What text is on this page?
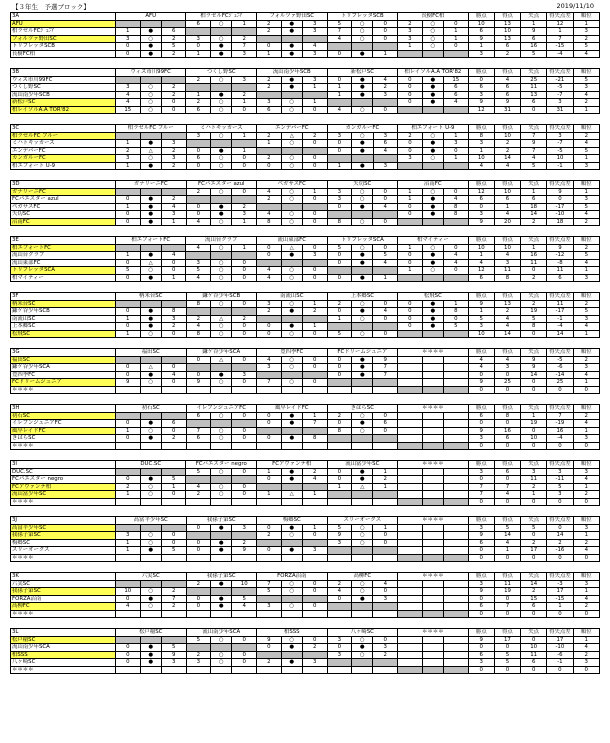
【３年生　予選ブロック】	2019/11/10
3A	AFU			柏ラゼルFCｼﾞｭﾆｱ			フォルツァ野田SC			トリプレッタSCB			長樹FC柏			勝点	得点	失点	得失点差	順位
AFU				6	○	1	2	●	3	5	○	0	2	○	0	10	13	1	12	1
柏ラゼルFCｼﾞｭﾆｱ	1	●	6				2	●	3	7	○	0	3	○	1	6	10	9	1	3
フォルツァ野田SC	3	○	2	3	○	2				4	○	0	3	○	1	9	13	6	7	2
トリプレッタSCB	0	●	5	0	●	7	0	●	4				1	○	0	1	6	16	-15	5
長樹FC柏	0	●	2	1	●	3	1	●	3	0	●	1				3	2	5	-4	4
3B	ウィズ市川99FC			つくし野SC			流山南少年SCB			新松戸SC			柏レイソルA.A TOR'82			勝点	得点	失点	得失点差	順位
ウィズ市川99FC				2	○	3	2	●	3	0	●	4	0	●	15	0	4	25	-21	5
つくし野SC	3	○	2				2	●	1	1	●	2	0	●	6	6	6	11	-5	3
流山南少年SCB	4	○	2	1	●	2				1	●	3	0	●	6	3	6	13	-7	4
新松戸SC	4	○	0	2	○	1	3	○	1				0	●	4	9	9	6	3	2
柏レイソルA.A TOR'82	15	○	0	6	○	0	6	○	0	4	○	0				12	31	0	31	1
3C	柏ラゼルFC ブルー			ミハトキッカーズ			エンデバーFC			カンガルーFC			柏エフォート U-9			勝点	得点	失点	得失点差	順位
柏ラゼルFC ブルー				3	○	1	2	△	2	3	○	3	2	○	1	8	10	7	3	2
ミハトキッカーズ	1	●	3				1	○	0	0	●	6	0	●	3	3	2	9	-7	4
エンデバーFC	2	△	2	0	●	1				0	●	4	0	●	0	1	2	7	-5	5
カンガルーFC	3	○	3	6	○	0	2	○	0				3	○	1	10	14	4	10	1
柏エフォート U-9	1	●	2	0	○	0	0	○	0	1	●	3				4	4	5	-1	3
3D	ガナリーニFC			FCパエスター azul			ペガサスFC			矢切SC			沼南FC			勝点	得点	失点	得失点差	順位
ガナリーニFC				2	○	0	4	○	1	3	○	0	1	○	0	12	10	1	9	1
FCパエスター azul	0	●	2				2	○	0	3	○	0	1	●	4	6	6	6	0	3
ペガサスFC	1	●	4	0	●	2				0	●	4	0	●	8	0	1	18	-17	5
矢切SC	0	●	3	0	●	3	4	○	0				0	●	8	3	4	14	-10	4
沼南FC	0	●	1	4	○	1	8	○	0	8	○	0				9	20	2	18	2
3E	柏エフォートFC			流山台クラブ			流山東部FC			トリプレッタSCA			柏マイティー			勝点	得点	失点	得失点差	順位
柏エフォートFC				4	○	1	0	△	0	5	○	0	1	○	0	10	10	1	9	2
流山台クラブ	1	●	4				0	●	3	0	●	5	0	●	4	1	4	16	-12	5
流山東部FC	0	△	0	3	○	0				0	●	4	0	●	4	4	3	11	-8	4
トリプレッタSCA	5	○	0	5	○	0	4	○	0				1	○	0	12	11	0	11	1
柏マイティー	0	●	1	4	○	0	4	○	0	0	●	1				6	8	2	6	3
3F	柄米台SC			鎌ケ谷少年SCB			南流山SC			上本郷SC			松飛SC			勝点	得点	失点	得失点差	順位
柄米台SC				8	○	0	3	○	1	2	○	0	0	●	1	9	13	2	11	2
鎌ケ谷少年SCB	0	●	8				2	●	2	0	●	4	0	●	8	1	2	19	-17	5
南流山SC	1	●	3	2	△	2				1	○	0	0	●	0	5	4	5	-1	3
上本郷SC	0	●	2	4	○	0	0	●	1				0	●	5	3	4	8	-4	4
松飛SC	1	○	0	8	○	0	0	○	0	5	○	0				10	14	0	14	1
3G	福田SC			鎌ケ谷少年SCA			豊四季FC			FCドリームジュニア			＊＊＊＊			勝点	得点	失点	得失点差	順位
福田SC				0	△	0	4	○	0	0	●	9				4	4	9	-5	2
鎌ケ谷少年SCA	0	△	0				3	○	0	0	●	7				4	3	9	-6	3
豊四季FC	0	●	4	0	●	3				0	●	7				0	0	14	-14	4
FCドリームジュニア	9	○	0	9	○	0	7	○	0							9	25	0	25	1
＊＊＊＊																0	0	0	0	0
3H	初石SC			イレブンジュニアFC			風早レイドFC			きはらSC			＊＊＊＊			勝点	得点	失点	得失点差	順位
初石SC				6	○	0	0	●	1	2	○	0				6	8	1	7	2
イレブンジュニアFC	0	●	6				0	●	7	0	●	6				0	0	19	-19	4
風早レイドFC	1	○	0	7	○	0				8	○	0				9	16	0	16	1
きはらSC	0	●	2	6	○	0	0	●	8							3	6	10	-4	3
＊＊＊＊																0	0	0	0	0
3I	DUC.SC			FCパエスター negro			FCアヴァンテ柏			流山富少年SC			＊＊＊＊			勝点	得点	失点	得失点差	順位
DUC.SC				5	○	0	1	●	2	0	●	1				3	6	3	3	3
FCパエスター negro	0	●	5				0	●	4	0	●	2				0	0	11	-11	4
FCアヴァンテ柏	2	○	1	4	○	0				1	△	1				7	7	2	5	1
流山富少年SC	1	○	0	2	○	0	1	△	1							7	4	1	3	2
＊＊＊＊																0	0	0	0	0
3J	高富平少年SC			我孫子第SC			梅郷SC			スリーオークス			＊＊＊＊			勝点	得点	失点	得失点差	順位
高富平少年SC				0	●	3	0	●	1	5	○	1				3	5	5	0	3
我孫子第SC	3	○	0				2	○	0	9	○	0				9	14	0	14	1
梅郷SC	1	○	0	0	●	2				3	○	0				6	4	2	2	2
スリーオークス	1	●	5	0	●	9	0	●	3							0	1	17	-16	4
＊＊＊＊																0	0	0	0	0
3K	六実SC			我孫子第SC			FORZA沼南			高柳FC			＊＊＊＊			勝点	得点	失点	得失点差	順位
六実SC				2	●	10	7	○	0	2	○	4				3	11	14	-3	3
我孫子第SC	10	○	2				5	○	0	4	○	0				9	19	2	17	1
FORZA沼南	0	●	7	0	●	5				0	●	3				0	0	15	-15	4
高柳FC	4	○	2	0	●	4	3	○	0							6	7	6	1	2
＊＊＊＊																0	0	0	0	0
3L	松戸稲SC			流山南少年SCA			柏SSS			八ヶ崎SC			＊＊＊＊			勝点	得点	失点	得失点差	順位
松戸稲SC				5	○	0	9	○	0	3	○	0				9	17	0	17	1
流山南少年SCA	0	●	5				0	●	2	0	●	3				0	0	10	-10	4
柏SSS	0	●	9	2	○	0				3	○	2				6	5	11	-6	2
八ヶ崎SC	0	●	3	3	○	0	2	●	3							3	5	6	-1	3
＊＊＊＊																0	0	0	0	0
